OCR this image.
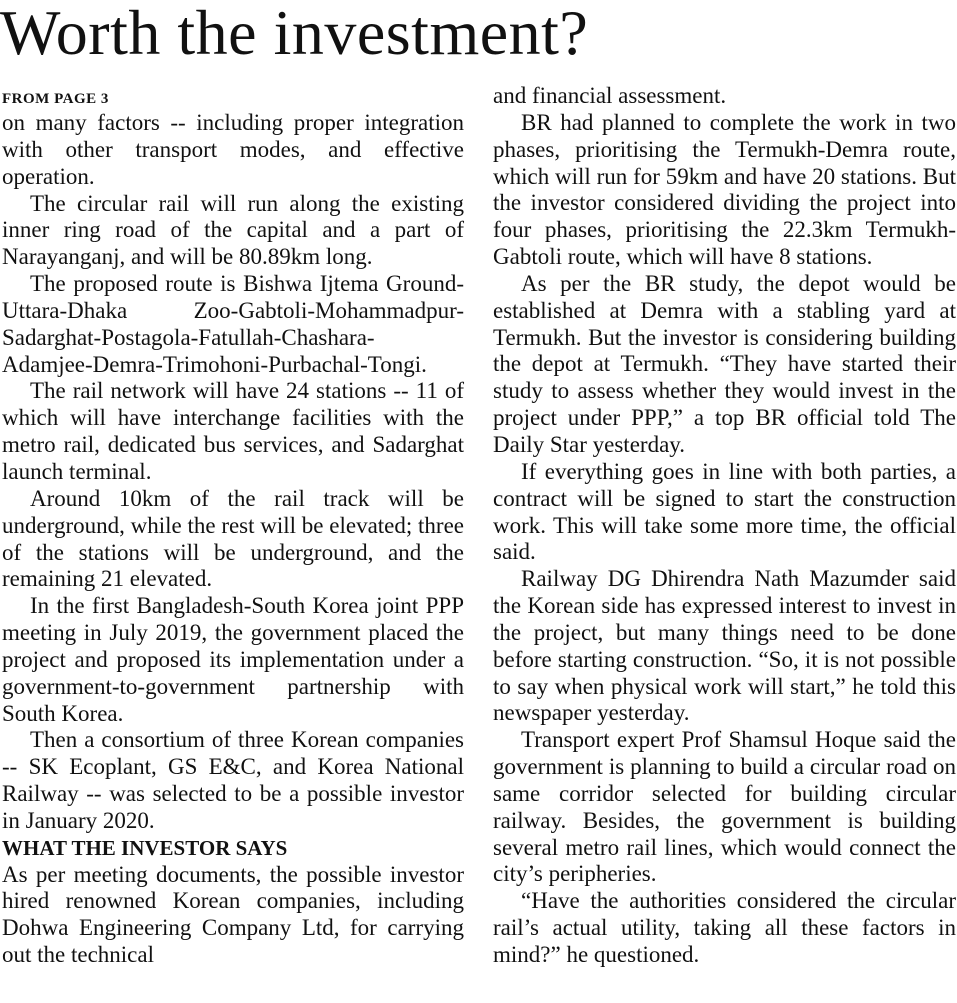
Worth the investment?
FROM PAGE 3

on many factors -- including proper integration with other transport modes, and effective operation.

The circular rail will run along the existing inner ring road of the capital and a part of Narayanganj, and will be 80.89km long.

The proposed route is Bishwa Ijtema Ground-Uttara-Dhaka Zoo-Gabtoli-Mohammadpur-Sadarghat-Postagola-Fatullah-Chashara-Adamjee-Demra-Trimohoni-Purbachal-Tongi.

The rail network will have 24 stations -- 11 of which will have interchange facilities with the metro rail, dedicated bus services, and Sadarghat launch terminal.

Around 10km of the rail track will be underground, while the rest will be elevated; three of the stations will be underground, and the remaining 21 elevated.

In the first Bangladesh-South Korea joint PPP meeting in July 2019, the government placed the project and proposed its implementation under a government-to-government partnership with South Korea.

Then a consortium of three Korean companies -- SK Ecoplant, GS E&C, and Korea National Railway -- was selected to be a possible investor in January 2020.

WHAT THE INVESTOR SAYS

As per meeting documents, the possible investor hired renowned Korean companies, including Dohwa Engineering Company Ltd, for carrying out the technical

and financial assessment.

BR had planned to complete the work in two phases, prioritising the Termukh-Demra route, which will run for 59km and have 20 stations. But the investor considered dividing the project into four phases, prioritising the 22.3km Termukh-Gabtoli route, which will have 8 stations.

As per the BR study, the depot would be established at Demra with a stabling yard at Termukh. But the investor is considering building the depot at Termukh. “They have started their study to assess whether they would invest in the project under PPP,” a top BR official told The Daily Star yesterday.

If everything goes in line with both parties, a contract will be signed to start the construction work. This will take some more time, the official said.

Railway DG Dhirendra Nath Mazumder said the Korean side has expressed interest to invest in the project, but many things need to be done before starting construction. “So, it is not possible to say when physical work will start,” he told this newspaper yesterday.

Transport expert Prof Shamsul Hoque said the government is planning to build a circular road on same corridor selected for building circular railway. Besides, the government is building several metro rail lines, which would connect the city’s peripheries.

“Have the authorities considered the circular rail’s actual utility, taking all these factors in mind?” he questioned.
